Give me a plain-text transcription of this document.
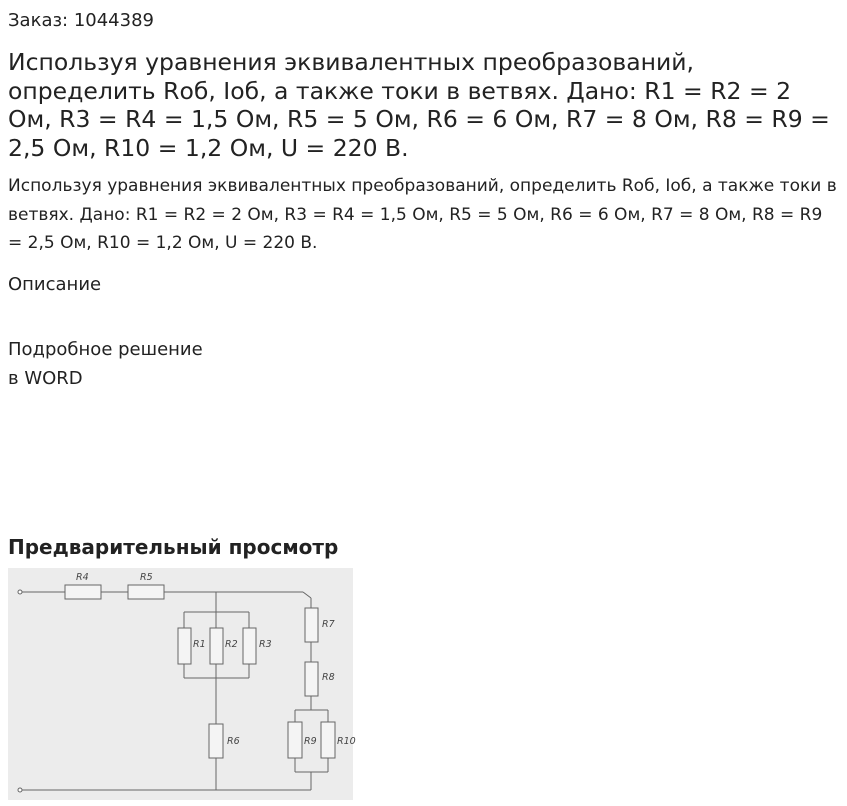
Заказ: 1044389
Используя уравнения эквивалентных преобразований, определить Rоб, Iоб, а также токи в ветвях. Дано: R1 = R2 = 2 Ом, R3 = R4 = 1,5 Ом, R5 = 5 Ом, R6 = 6 Ом, R7 = 8 Ом, R8 = R9 = 2,5 Ом, R10 = 1,2 Ом, U = 220 В.
Используя уравнения эквивалентных преобразований, определить Rоб, Iоб, а также токи в ветвях. Дано: R1 = R2 = 2 Ом, R3 = R4 = 1,5 Ом, R5 = 5 Ом, R6 = 6 Ом, R7 = 8 Ом, R8 = R9 = 2,5 Ом, R10 = 1,2 Ом, U = 220 В.
Описание
Подробное решение
в WORD
Предварительный просмотр
R4	R5
R1 R2 R3
R6
R7
R8
R9 R10
